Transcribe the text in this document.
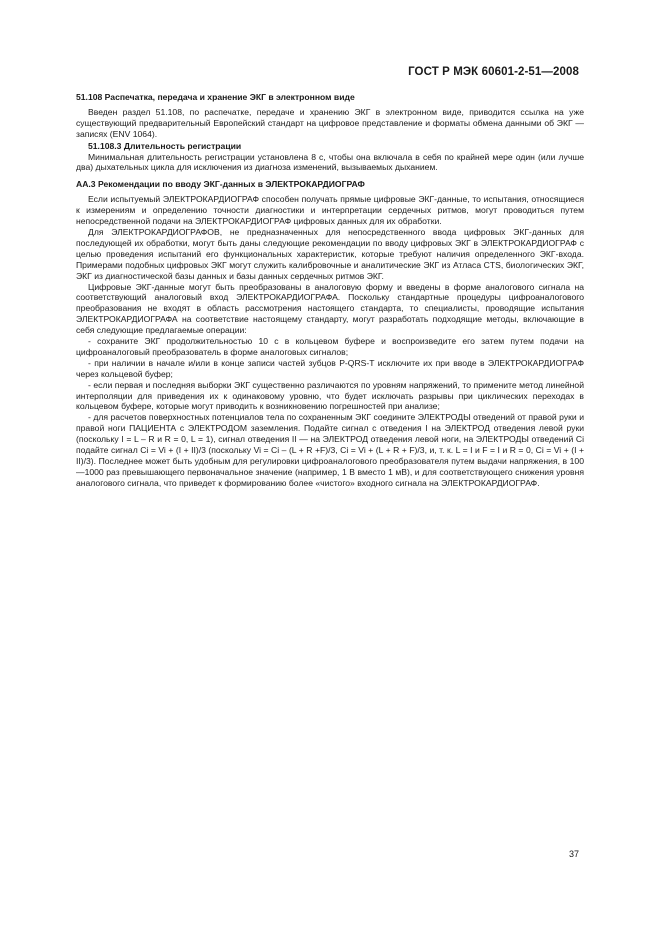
ГОСТ Р МЭК 60601-2-51—2008
51.108 Распечатка, передача и хранение ЭКГ в электронном виде

Введен раздел 51.108, по распечатке, передаче и хранению ЭКГ в электронном виде, приводится ссылка на уже существующий предварительный Европейский стандарт на цифровое представление и форматы обмена данными об ЭКГ — записях (ENV 1064).

51.108.3 Длительность регистрации

Минимальная длительность регистрации установлена 8 с, чтобы она включала в себя по крайней мере один (или лучше два) дыхательных цикла для исключения из диагноза изменений, вызываемых дыханием.

АА.3 Рекомендации по вводу ЭКГ-данных в ЭЛЕКТРОКАРДИОГРАФ

Если испытуемый ЭЛЕКТРОКАРДИОГРАФ способен получать прямые цифровые ЭКГ-данные, то испытания, относящиеся к измерениям и определению точности диагностики и интерпретации сердечных ритмов, могут проводиться путем непосредственной подачи на ЭЛЕКТРОКАРДИОГРАФ цифровых данных для их обработки.

Для ЭЛЕКТРОКАРДИОГРАФОВ, не предназначенных для непосредственного ввода цифровых ЭКГ-данных для последующей их обработки, могут быть даны следующие рекомендации по вводу цифровых ЭКГ в ЭЛЕКТРОКАРДИОГРАФ с целью проведения испытаний его функциональных характеристик, которые требуют наличия определенного ЭКГ-входа. Примерами подобных цифровых ЭКГ могут служить калибровочные и аналитические ЭКГ из Атласа CTS, биологических ЭКГ, ЭКГ из диагностической базы данных и базы данных сердечных ритмов ЭКГ.

Цифровые ЭКГ-данные могут быть преобразованы в аналоговую форму и введены в форме аналогового сигнала на соответствующий аналоговый вход ЭЛЕКТРОКАРДИОГРАФА. Поскольку стандартные процедуры цифроаналогового преобразования не входят в область рассмотрения настоящего стандарта, то специалисты, проводящие испытания ЭЛЕКТРОКАРДИОГРАФА на соответствие настоящему стандарту, могут разработать подходящие методы, включающие в себя следующие предлагаемые операции:

- сохраните ЭКГ продолжительностью 10 с в кольцевом буфере и воспроизведите его затем путем подачи на цифроаналоговый преобразователь в форме аналоговых сигналов;

- при наличии в начале и/или в конце записи частей зубцов P-QRS-T исключите их при вводе в ЭЛЕКТРОКАРДИОГРАФ через кольцевой буфер;

- если первая и последняя выборки ЭКГ существенно различаются по уровням напряжений, то примените метод линейной интерполяции для приведения их к одинаковому уровню, что будет исключать разрывы при циклических переходах в кольцевом буфере, которые могут приводить к возникновению погрешностей при анализе;

- для расчетов поверхностных потенциалов тела по сохраненным ЭКГ соедините ЭЛЕКТРОДЫ отведений от правой руки и правой ноги ПАЦИЕНТА с ЭЛЕКТРОДОМ заземления. Подайте сигнал с отведения I на ЭЛЕКТРОД отведения левой руки (поскольку I = L – R и R = 0, L = 1), сигнал отведения II — на ЭЛЕКТРОД отведения левой ноги, на ЭЛЕКТРОДЫ отведений Ci подайте сигнал Ci = Vi + (I + II)/3 (поскольку Vi = Ci – (L + R +F)/3, Ci = Vi + (L + R + F)/3, и, т. к. L = I и F = I и R = 0, Ci = Vi + (I + II)/3). Последнее может быть удобным для регулировки цифроаналогового преобразователя путем выдачи напряжения, в 100—1000 раз превышающего первоначальное значение (например, 1 В вместо 1 мВ), и для соответствующего снижения уровня аналогового сигнала, что приведет к формированию более «чистого» входного сигнала на ЭЛЕКТРОКАРДИОГРАФ.

37
